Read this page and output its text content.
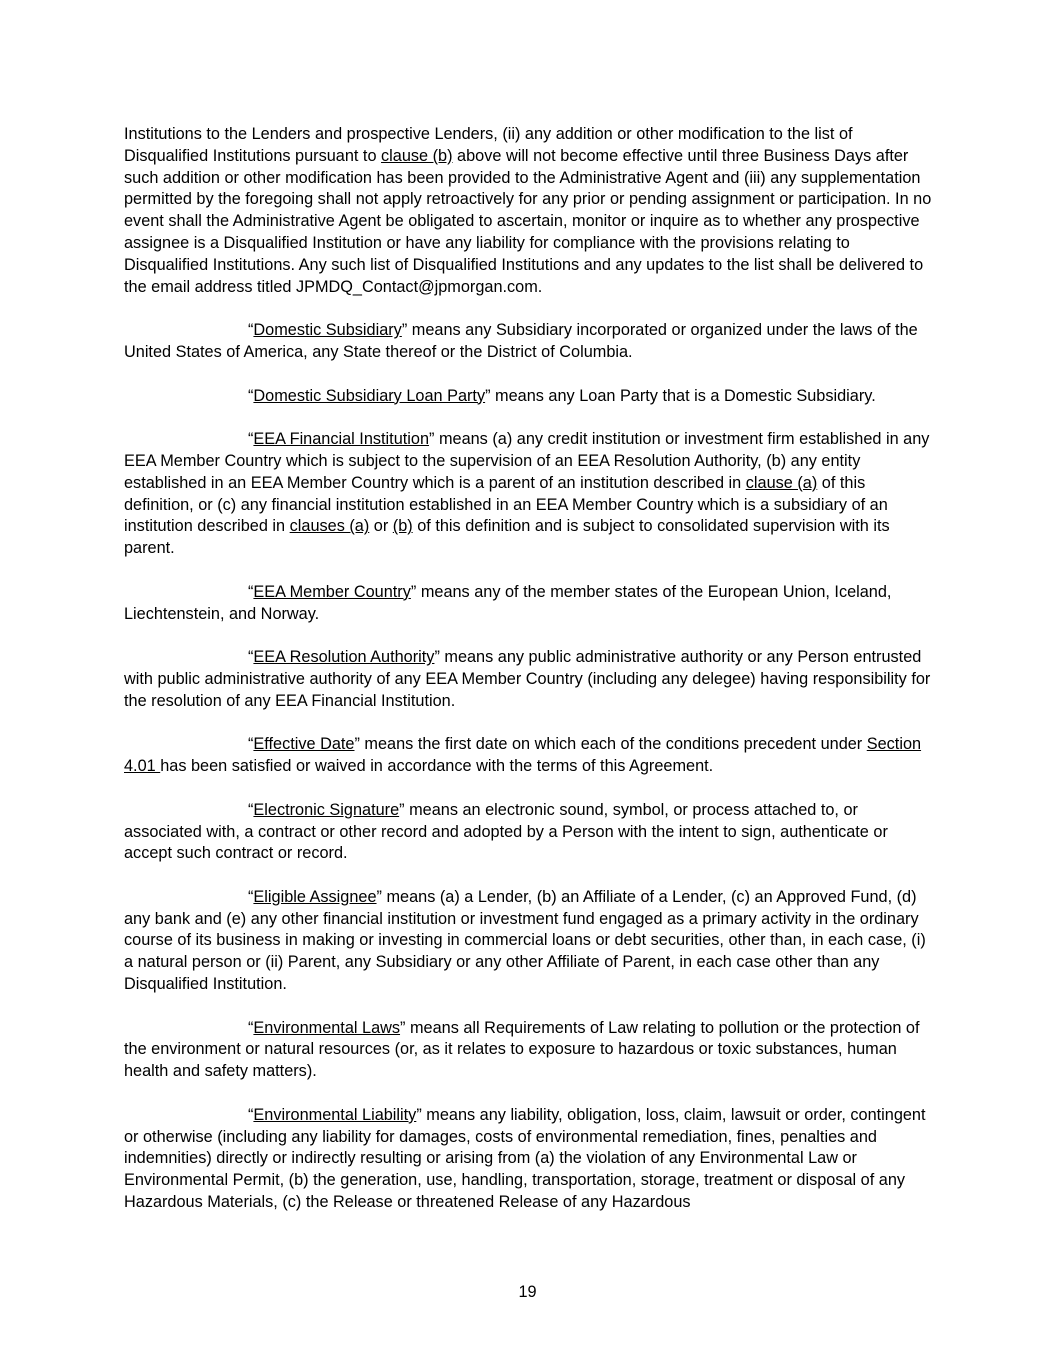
Institutions to the Lenders and prospective Lenders, (ii) any addition or other modification to the list of Disqualified Institutions pursuant to clause (b) above will not become effective until three Business Days after such addition or other modification has been provided to the Administrative Agent and (iii) any supplementation permitted by the foregoing shall not apply retroactively for any prior or pending assignment or participation. In no event shall the Administrative Agent be obligated to ascertain, monitor or inquire as to whether any prospective assignee is a Disqualified Institution or have any liability for compliance with the provisions relating to Disqualified Institutions. Any such list of Disqualified Institutions and any updates to the list shall be delivered to the email address titled JPMDQ_Contact@jpmorgan.com.

“Domestic Subsidiary” means any Subsidiary incorporated or organized under the laws of the United States of America, any State thereof or the District of Columbia.

“Domestic Subsidiary Loan Party” means any Loan Party that is a Domestic Subsidiary.

“EEA Financial Institution” means (a) any credit institution or investment firm established in any EEA Member Country which is subject to the supervision of an EEA Resolution Authority, (b) any entity established in an EEA Member Country which is a parent of an institution described in clause (a) of this definition, or (c) any financial institution established in an EEA Member Country which is a subsidiary of an institution described in clauses (a) or (b) of this definition and is subject to consolidated supervision with its parent.

“EEA Member Country” means any of the member states of the European Union, Iceland, Liechtenstein, and Norway.

“EEA Resolution Authority” means any public administrative authority or any Person entrusted with public administrative authority of any EEA Member Country (including any delegee) having responsibility for the resolution of any EEA Financial Institution.

“Effective Date” means the first date on which each of the conditions precedent under Section 4.01 has been satisfied or waived in accordance with the terms of this Agreement.

“Electronic Signature” means an electronic sound, symbol, or process attached to, or associated with, a contract or other record and adopted by a Person with the intent to sign, authenticate or accept such contract or record.

“Eligible Assignee” means (a) a Lender, (b) an Affiliate of a Lender, (c) an Approved Fund, (d) any bank and (e) any other financial institution or investment fund engaged as a primary activity in the ordinary course of its business in making or investing in commercial loans or debt securities, other than, in each case, (i) a natural person or (ii) Parent, any Subsidiary or any other Affiliate of Parent, in each case other than any Disqualified Institution.

“Environmental Laws” means all Requirements of Law relating to pollution or the protection of the environment or natural resources (or, as it relates to exposure to hazardous or toxic substances, human health and safety matters).

“Environmental Liability” means any liability, obligation, loss, claim, lawsuit or order, contingent or otherwise (including any liability for damages, costs of environmental remediation, fines, penalties and indemnities) directly or indirectly resulting or arising from (a) the violation of any Environmental Law or Environmental Permit, (b) the generation, use, handling, transportation, storage, treatment or disposal of any Hazardous Materials, (c) the Release or threatened Release of any Hazardous

19
